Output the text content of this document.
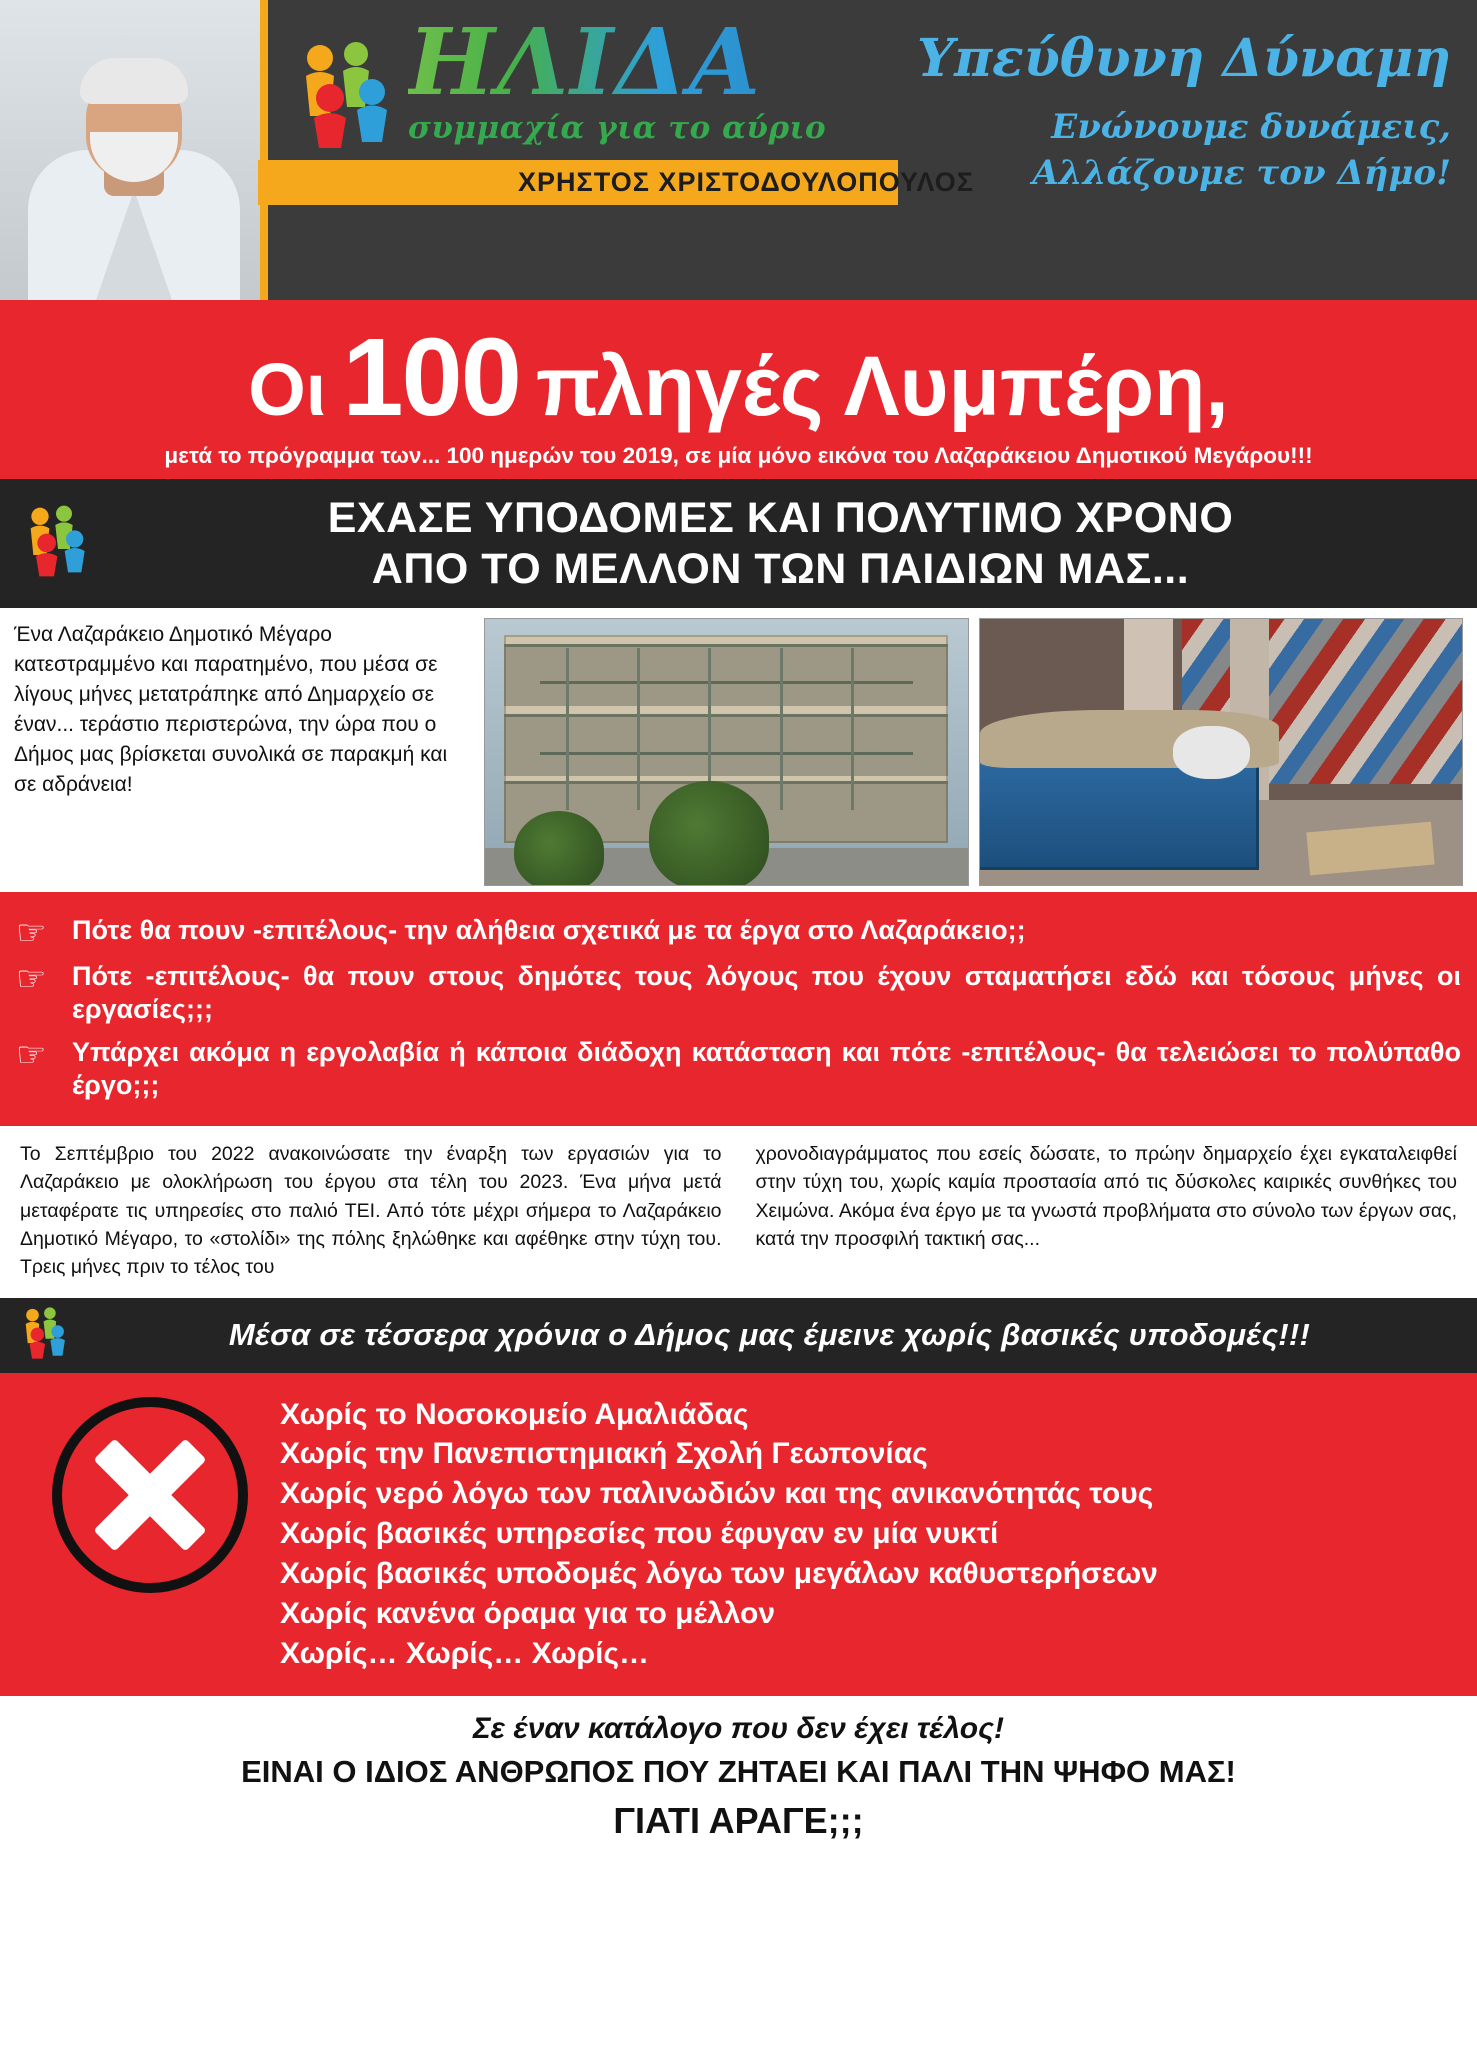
ΗΛΙΔΑ
συμμαχία για το αύριο
ΧΡΗΣΤΟΣ ΧΡΙΣΤΟΔΟΥΛΟΠΟΥΛΟΣ
Υπεύθυνη Δύναμη
Ενώνουμε δυνάμεις,
Αλλάζουμε τον Δήμο!
Οι 100 πληγές Λυμπέρη,
μετά το πρόγραμμα των... 100 ημερών του 2019, σε μία μόνο εικόνα του Λαζαράκειου Δημοτικού Μεγάρου!!!
ΕΧΑΣΕ ΥΠΟΔΟΜΕΣ ΚΑΙ ΠΟΛΥΤΙΜΟ ΧΡΟΝΟ
ΑΠΟ ΤΟ ΜΕΛΛΟΝ ΤΩΝ ΠΑΙΔΙΩΝ ΜΑΣ...
Ένα Λαζαράκειο Δημοτικό Μέγαρο κατεστραμμένο και παρατημένο, που μέσα σε λίγους μήνες μετατράπηκε από Δημαρχείο σε έναν... τεράστιο περιστερώνα, την ώρα που ο Δήμος μας βρίσκεται συνολικά σε παρακμή και σε αδράνεια!
☞ Πότε θα πουν -επιτέλους- την αλήθεια σχετικά με τα έργα στο Λαζαράκειο;;
☞ Πότε -επιτέλους- θα πουν στους δημότες τους λόγους που έχουν σταματήσει εδώ και τόσους μήνες οι εργασίες;;;
☞ Υπάρχει ακόμα η εργολαβία ή κάποια διάδοχη κατάσταση και πότε -επιτέλους- θα τελειώσει το πολύπαθο έργο;;;
Το Σεπτέμβριο του 2022 ανακοινώσατε την έναρξη των εργασιών για το Λαζαράκειο με ολοκλήρωση του έργου στα τέλη του 2023. Ένα μήνα μετά μεταφέρατε τις υπηρεσίες στο παλιό ΤΕΙ. Από τότε μέχρι σήμερα το Λαζαράκειο Δημοτικό Μέγαρο, το «στολίδι» της πόλης ξηλώθηκε και αφέθηκε στην τύχη του. Τρεις μήνες πριν το τέλος του
χρονοδιαγράμματος που εσείς δώσατε, το πρώην δημαρχείο έχει εγκαταλειφθεί στην τύχη του, χωρίς καμία προστασία από τις δύσκολες καιρικές συνθήκες του Χειμώνα. Ακόμα ένα έργο με τα γνωστά προβλήματα στο σύνολο των έργων σας, κατά την προσφιλή τακτική σας...
Μέσα σε τέσσερα χρόνια ο Δήμος μας έμεινε χωρίς βασικές υποδομές!!!
Χωρίς το Νοσοκομείο Αμαλιάδας
Χωρίς την Πανεπιστημιακή Σχολή Γεωπονίας
Χωρίς νερό λόγω των παλινωδιών και της ανικανότητάς τους
Χωρίς βασικές υπηρεσίες που έφυγαν εν μία νυκτί
Χωρίς βασικές υποδομές λόγω των μεγάλων καθυστερήσεων
Χωρίς κανένα όραμα για το μέλλον
Χωρίς… Χωρίς… Χωρίς…
Σε έναν κατάλογο που δεν έχει τέλος!
ΕΙΝΑΙ Ο ΙΔΙΟΣ ΑΝΘΡΩΠΟΣ ΠΟΥ ΖΗΤΑΕΙ ΚΑΙ ΠΑΛΙ ΤΗΝ ΨΗΦΟ ΜΑΣ!
ΓΙΑΤΙ ΑΡΑΓΕ;;;
